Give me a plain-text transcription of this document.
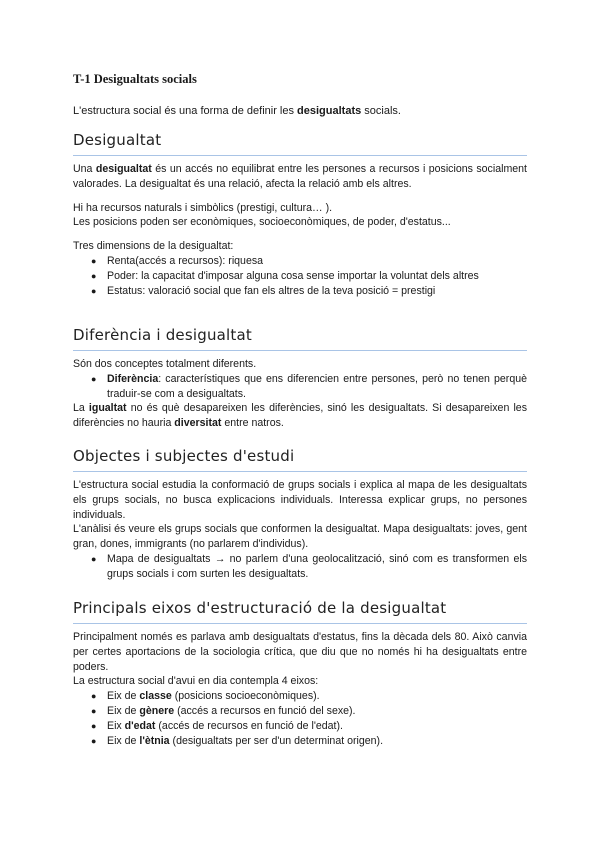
T-1 Desigualtats socials

L'estructura social és una forma de definir les desigualtats socials.

Desigualtat

Una desigualtat és un accés no equilibrat entre les persones a recursos i posicions socialment valorades. La desigualtat és una relació, afecta la relació amb els altres.

Hi ha recursos naturals i simbòlics (prestigi, cultura… ).

Les posicions poden ser econòmiques, socioeconòmiques, de poder, d'estatus...

Tres dimensions de la desigualtat:

● Renta(accés a recursos): riquesa
● Poder: la capacitat d'imposar alguna cosa sense importar la voluntat dels altres
● Estatus: valoració social que fan els altres de la teva posició = prestigi
Diferència i desigualtat

Són dos conceptes totalment diferents.

● Diferència: característiques que ens diferencien entre persones, però no tenen perquè traduir-se com a desigualtats.

La igualtat no és què desapareixen les diferències, sinó les desigualtats. Si desapareixen les diferències no hauria diversitat entre natros.

Objectes i subjectes d'estudi

L'estructura social estudia la conformació de grups socials i explica al mapa de les desigualtats els grups socials, no busca explicacions individuals. Interessa explicar grups, no persones individuals.

L'anàlisi és veure els grups socials que conformen la desigualtat. Mapa desigualtats: joves, gent gran, dones, immigrants (no parlarem d'individus).

● Mapa de desigualtats → no parlem d'una geolocalització, sinó com es transformen els grups socials i com surten les desigualtats.
Principals eixos d'estructuració de la desigualtat

Principalment només es parlava amb desigualtats d'estatus, fins la dècada dels 80. Això canvia per certes aportacions de la sociologia crítica, que diu que no només hi ha desigualtats entre poders.

La estructura social d'avui en dia contempla 4 eixos:

● Eix de classe (posicions socioeconòmiques).
● Eix de gènere (accés a recursos en funció del sexe).
● Eix d'edat (accés de recursos en funció de l'edat).
● Eix de l'ètnia (desigualtats per ser d'un determinat origen).
